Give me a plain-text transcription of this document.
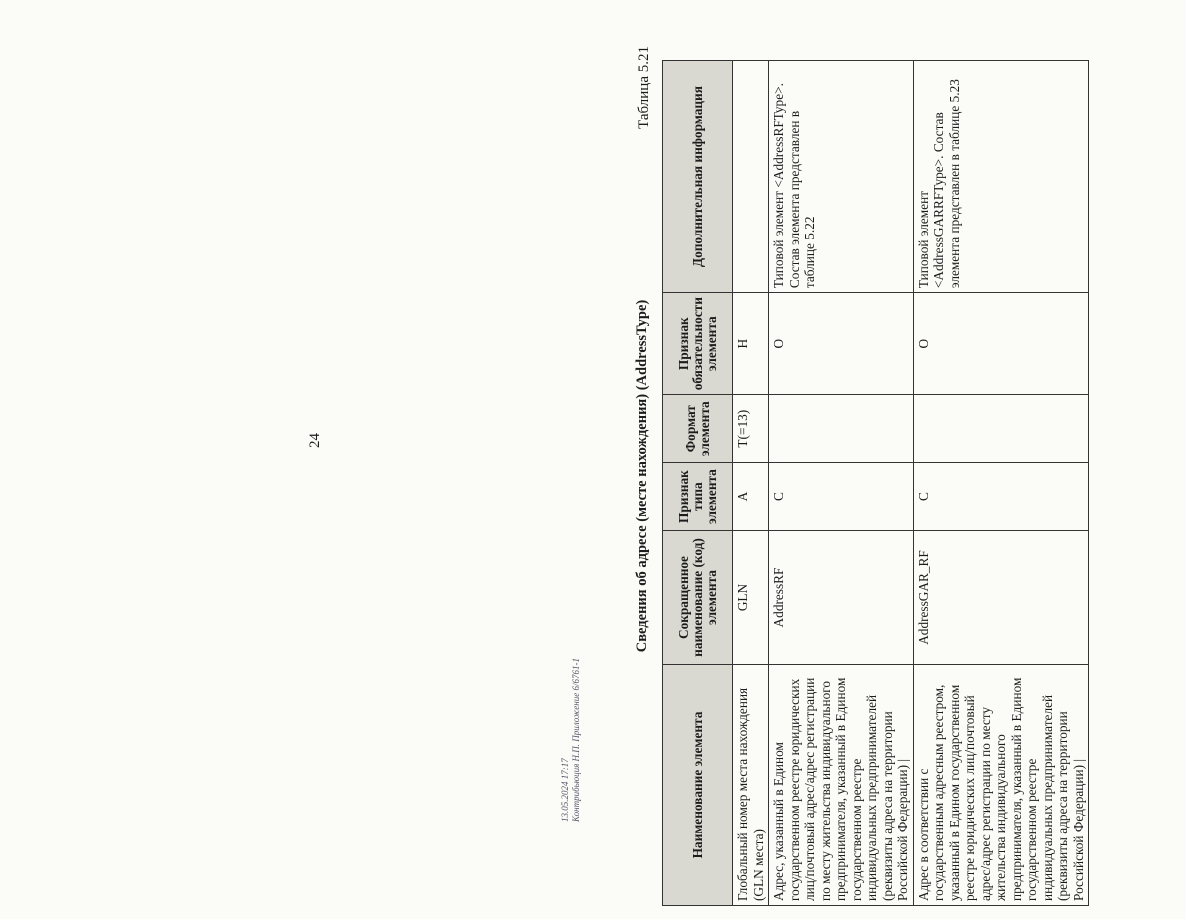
24
Таблица 5.21
Наименование элемента	Сокращенное наименование (код) элемента	Признак типа элемента	Формат элемента	Признак обязательности элемента	Дополнительная информация
Глобальный номер места нахождения (GLN места)	GLN	A	T(=13)	H	
Адрес, указанный в Едином государственном реестре юридических лиц/почтовый адрес/адрес регистрации по месту жительства индивидуального предпринимателя, указанный в Едином государственном реестре индивидуальных предпринимателей (реквизиты адреса на территории Российской Федерации) |	AddressRF	C		O	Типовой элемент <AddressRFType>. Состав элемента представлен в таблице 5.22
Адрес в соответствии с государственным адресным реестром, указанный в Едином государственном реестре юридических лиц/почтовый адрес/адрес регистрации по месту жительства индивидуального предпринимателя, указанный в Едином государственном реестре индивидуальных предпринимателей (реквизиты адреса на территории Российской Федерации) |	AddressGAR_RF	C		O	Типовой элемент <AddressGARRFType>. Состав элемента представлен в таблице 5.23
Сведения об адресе (месте нахождения) (AddressType)
13.05.2024 17:17 Контрибьюция Н.П. Приложение 6/6761-1
